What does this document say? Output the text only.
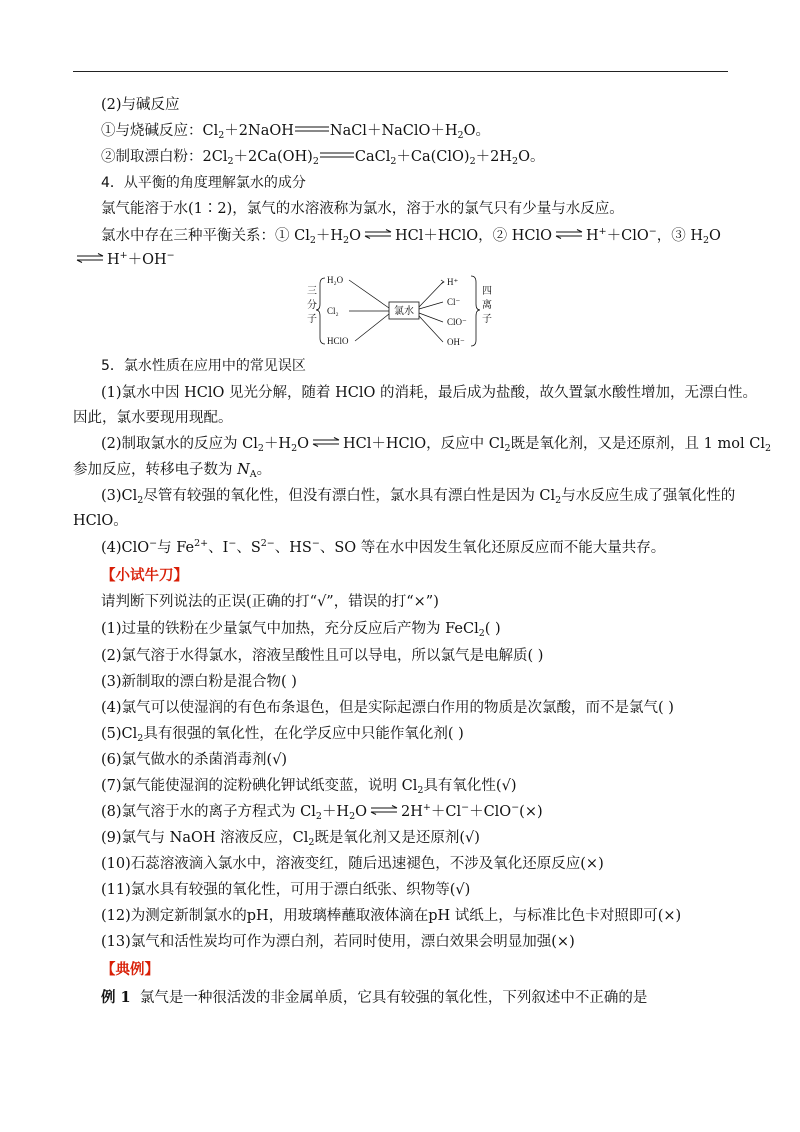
(2)与碱反应
①与烧碱反应：$Cl_2+2NaOH$ $NaCl+NaClO+H_2O$。
②制取漂白粉：$2Cl_2+2Ca(OH)_2$ $CaCl_2+Ca(ClO)_2+2H_2O$。
4．从平衡的角度理解氯水的成分
氯气能溶于水(1∶2)，氯气的水溶液称为氯水，溶于水的氯气只有少量与水反应。
氯水中存在三种平衡关系：① $Cl_2+H_2O$ HCl＋HClO，② HClO H+＋ClO−，③ $H_2O$
H+＋OH−
三
分
子
H₂O
Cl₂
HClO
氯水
H⁺
Cl⁻
ClO⁻
OH⁻
四
离
子
5．氯水性质在应用中的常见误区
(1)氯水中因 HClO 见光分解，随着 HClO 的消耗，最后成为盐酸，故久置氯水酸性增加，无漂白性。
因此，氯水要现用现配。
(2)制取氯水的反应为 $Cl_2+H_2O$ HCl＋HClO，反应中 $Cl_2$既是氧化剂，又是还原剂，且 1 mol $Cl_2$
参加反应，转移电子数为 $N_A$。
$(3)Cl_2$尽管有较强的氧化性，但没有漂白性，氯水具有漂白性是因为 $Cl_2$与水反应生成了强氧化性的
HClO。
(4)ClO−与 $Fe^{2+}$、I−、$S^{2-}$、HS−、SO 等在水中因发生氧化还原反应而不能大量共存。
【小试牛刀】
请判断下列说法的正误(正确的打“√”，错误的打“×”)
(1)过量的铁粉在少量氯气中加热，充分反应后产物为 FeCl$_2$( )
(2)氯气溶于水得氯水，溶液呈酸性且可以导电，所以氯气是电解质( )
(3)新制取的漂白粉是混合物( )
(4)氯气可以使湿润的有色布条退色，但是实际起漂白作用的物质是次氯酸，而不是氯气( )
$(5)Cl_2$具有很强的氧化性，在化学反应中只能作氧化剂( )
(6)氯气做水的杀菌消毒剂(√)
(7)氯气能使湿润的淀粉碘化钾试纸变蓝，说明 $Cl_2$具有氧化性(√)
(8)氯气溶于水的离子方程式为 $Cl_2+H_2O$ 2H+＋Cl−＋ClO−(×)
(9)氯气与 NaOH 溶液反应，$Cl_2$既是氧化剂又是还原剂(√)
(10)石蕊溶液滴入氯水中，溶液变红，随后迅速褪色，不涉及氧化还原反应(×)
(11)氯水具有较强的氧化性，可用于漂白纸张、织物等(√)
(12)为测定新制氯水的pH，用玻璃棒蘸取液体滴在pH 试纸上，与标准比色卡对照即可(×)
(13)氯气和活性炭均可作为漂白剂，若同时使用，漂白效果会明显加强(×)
【典例】
例 1 氯气是一种很活泼的非金属单质，它具有较强的氧化性，下列叙述中不正确的是
